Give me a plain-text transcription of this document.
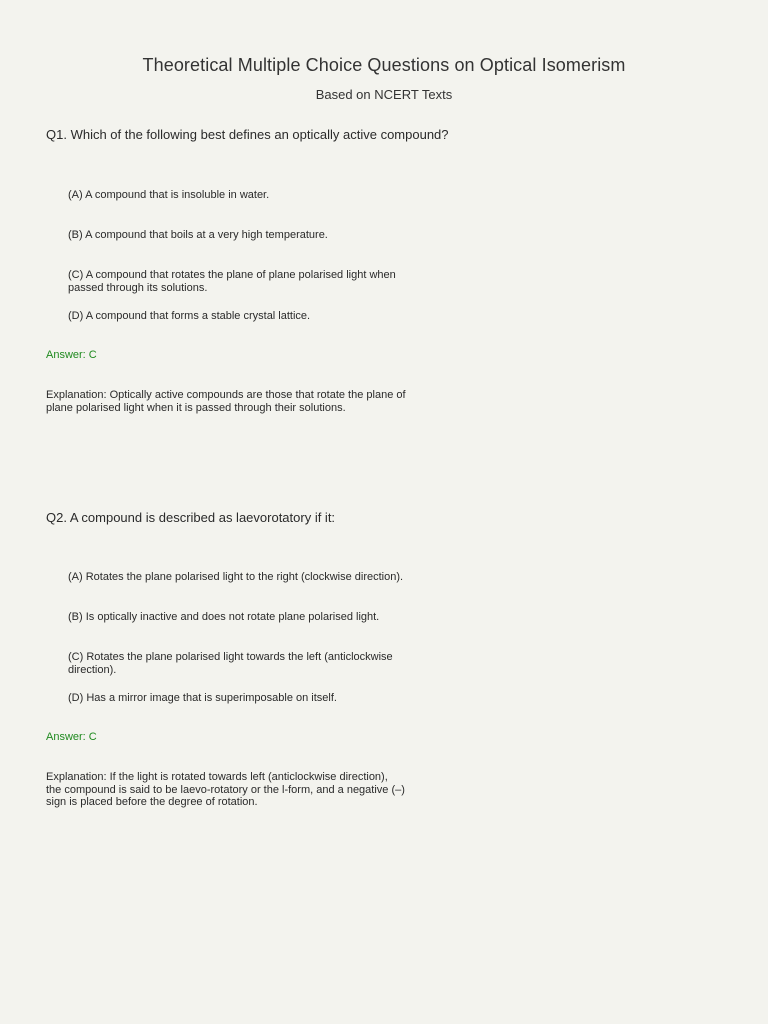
Theoretical Multiple Choice Questions on Optical Isomerism
Based on NCERT Texts
Q1. Which of the following best defines an optically active compound?
(A) A compound that is insoluble in water.
(B) A compound that boils at a very high temperature.
(C) A compound that rotates the plane of plane polarised light when passed through its solutions.
(D) A compound that forms a stable crystal lattice.
Answer: C
Explanation: Optically active compounds are those that rotate the plane of plane polarised light when it is passed through their solutions.
Q2. A compound is described as laevorotatory if it:
(A) Rotates the plane polarised light to the right (clockwise direction).
(B) Is optically inactive and does not rotate plane polarised light.
(C) Rotates the plane polarised light towards the left (anticlockwise direction).
(D) Has a mirror image that is superimposable on itself.
Answer: C
Explanation: If the light is rotated towards left (anticlockwise direction), the compound is said to be laevo-rotatory or the l-form, and a negative (–) sign is placed before the degree of rotation.
